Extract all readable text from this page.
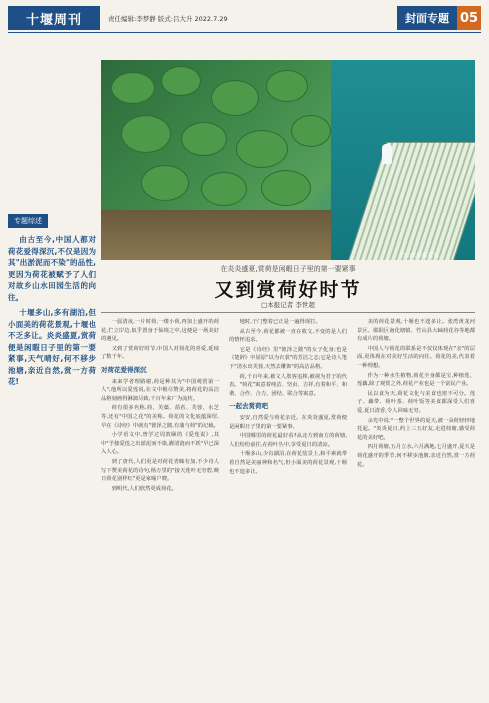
十堰周刊	责任编辑:李梦静 版式:吕大升 2022.7.29	封面专题 05
竹山大屾荷花谷。
专题综述

由古至今,中国人都对荷花爱得深沉,不仅是因为其"出淤泥而不染"的品性,更因为荷花被赋予了人们对故乡山水田园生活的向往。

十堰多山,多有湖泊,但小面美的荷花景观,十堰也不乏多让。炎炎盛夏,赏荷便是闲暇日子里的第一要紧事,天气晴好,何不移步池塘,亲近自然,赏一方荷花!

在炎炎盛夏,赏荷是闲暇日子里的第一要紧事
又到赏荷好时节
□本报记者 李世超

一晨清夜,一片时荷,一缕小荷,再加上盛开的荷花,伫立岸边,似乎置身于仙境之中,这便是一场美好的遇见。

又到了赏荷好时节,中国人对荷花的喜爱,延续了数千年。

对荷花爱得深沉

来来学者理路谢,荷是种其为"中国观赏第一人",他所以爱莲说,在文中极尽赞美,将荷花的高洁品格刻画得淋漓尽致,千百年来广为流传。

荷有很多名称,荷、芙蕖、菡萏、芙蓉、水芝等,还有"中国之花"的美称。荷花的文化底蕴深厚,早在《诗经》中就有"彼泽之陂,有蒲与荷"的记载。

小学语文中,曾学过周敦颐的《爱莲说》,其中"予独爱莲之出淤泥而不染,濯清涟而不妖"早已深入人心。

到了唐代,人们更是对荷花青睐有加,不少诗人写下赞美荷花的诗句,杨万里的"接天莲叶无穷碧,映日荷花别样红"更是家喻户晓。

到明代,人们欣然更成荷花。

地时,于门整着已正是一遍得现打。

从古至今,荷花都被一直在收文,不变的是人们的情怀追求。

它是《诗经》里"彼泽之陂"的女子化身;也是《楚辞》中屈原"以为衣裳"的芳洁之志;它是诗人笔下"清水出芙蓉,天然去雕饰"的高洁品格。

荷,千百年来,被文人墨客追捧,被视为君子的代表。"荷花"寓意着纯洁、坚贞、吉祥,有着和平、和谐、合作、合力、团结、联合等寓意。

一起去赏荷吧

安安,自然爱与荷花亲近。在炎炎盛夏,赏荷便是闲暇日子里的第一要紧事。

中国哪里的荷花最好看?从北方到南方的荷塘,人们纷纷前往,在荷叶丛中,享受夏日的清凉。

十堰多山,少有湖泊,在荷花装景上,和平素就带着自然是美丽神和名气,但小面美的荷花景观,十堰也不遑多让。

美的荷花景观,十堰也不遑多让。张湾黄龙河景区、郧阳区南化塘镇、竹山县大屾荷花谷等地都有成片的荷塘。

中国人与荷花的联系是不仅仅体现在"亲"的层面,更体现在对美好生活的向往。荷花的美,代表着一种理想。

作为一种水生植物,荷花全身都是宝,种植莲、莲藕,除了观赏之外,荷花产业也是一个富民产业。

民以食为天,荷花文化与美食也密不可分。莲子、藕带、荷叶茶、荷叶饭等美食都深受人们喜爱,夏日清香,令人回味无穷。

余光中说:"一整个世界的夏天,被一朵荷轻轻地托起。"炎炎夏日,约上三五好友,走进荷塘,感受荷花的美好吧。

四月荷塘,五月立水,六月满地,七月盛开,夏天是荷花盛开的季节,何不移步池塘,亲近自然,赏一方荷花。
